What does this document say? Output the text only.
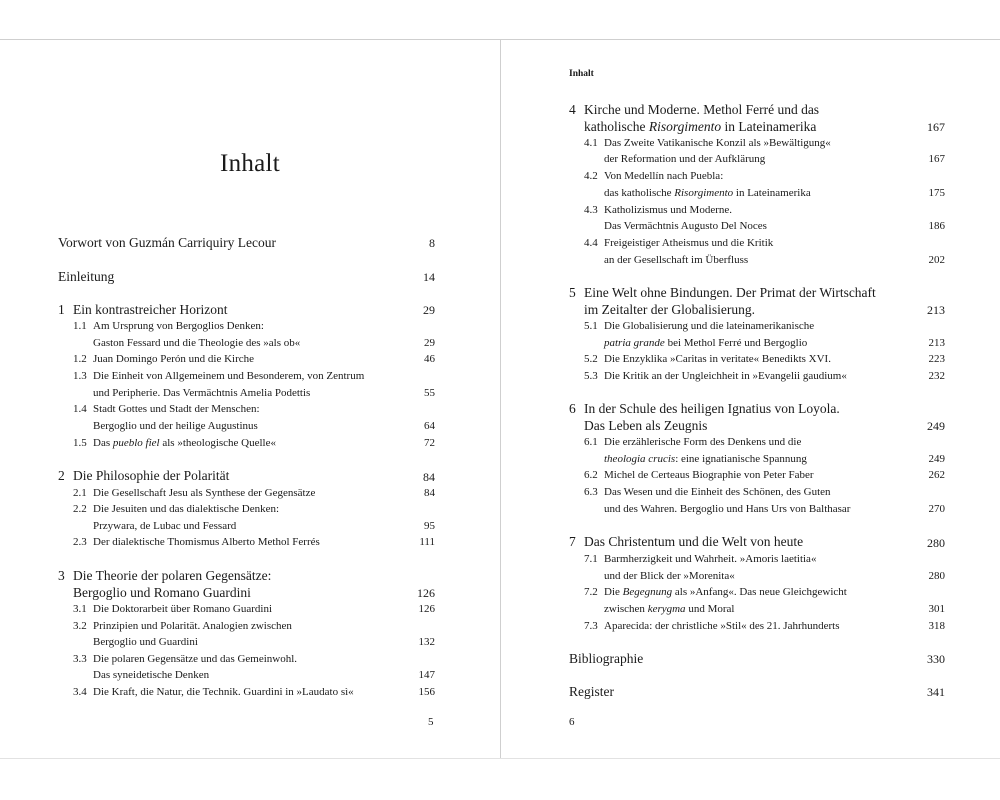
Inhalt
Vorwort von Guzmán Carriquiry Lecour	8
Einleitung	14
1 Ein kontrastreicher Horizont	29
1.1 Am Ursprung von Bergoglios Denken:
Gaston Fessard und die Theologie des »als ob«	29
1.2 Juan Domingo Perón und die Kirche	46
1.3 Die Einheit von Allgemeinem und Besonderem, von Zentrum
und Peripherie. Das Vermächtnis Amelia Podettis	55
1.4 Stadt Gottes und Stadt der Menschen:
Bergoglio und der heilige Augustinus	64
1.5 Das pueblo fiel als »theologische Quelle«	72
2 Die Philosophie der Polarität	84
2.1 Die Gesellschaft Jesu als Synthese der Gegensätze	84
2.2 Die Jesuiten und das dialektische Denken:
Przywara, de Lubac und Fessard	95
2.3 Der dialektische Thomismus Alberto Methol Ferrés	111
3 Die Theorie der polaren Gegensätze:
Bergoglio und Romano Guardini	126
3.1 Die Doktorarbeit über Romano Guardini	126
3.2 Prinzipien und Polarität. Analogien zwischen
Bergoglio und Guardini	132
3.3 Die polaren Gegensätze und das Gemeinwohl.
Das syneidetische Denken	147
3.4 Die Kraft, die Natur, die Technik. Guardini in »Laudato sì«	156
5
Inhalt
4 Kirche und Moderne. Methol Ferré und das
katholische Risorgimento in Lateinamerika	167
4.1 Das Zweite Vatikanische Konzil als »Bewältigung«
der Reformation und der Aufklärung	167
4.2 Von Medellín nach Puebla:
das katholische Risorgimento in Lateinamerika	175
4.3 Katholizismus und Moderne.
Das Vermächtnis Augusto Del Noces	186
4.4 Freigeistiger Atheismus und die Kritik
an der Gesellschaft im Überfluss	202
5 Eine Welt ohne Bindungen. Der Primat der Wirtschaft
im Zeitalter der Globalisierung.	213
5.1 Die Globalisierung und die lateinamerikanische
patria grande bei Methol Ferré und Bergoglio	213
5.2 Die Enzyklika »Caritas in veritate« Benedikts XVI.	223
5.3 Die Kritik an der Ungleichheit in »Evangelii gaudium«	232
6 In der Schule des heiligen Ignatius von Loyola.
Das Leben als Zeugnis	249
6.1 Die erzählerische Form des Denkens und die
theologia crucis: eine ignatianische Spannung	249
6.2 Michel de Certeaus Biographie von Peter Faber	262
6.3 Das Wesen und die Einheit des Schönen, des Guten
und des Wahren. Bergoglio und Hans Urs von Balthasar	270
7 Das Christentum und die Welt von heute	280
7.1 Barmherzigkeit und Wahrheit. »Amoris laetitia«
und der Blick der »Morenita«	280
7.2 Die Begegnung als »Anfang«. Das neue Gleichgewicht
zwischen kerygma und Moral	301
7.3 Aparecida: der christliche »Stil« des 21. Jahrhunderts	318
Bibliographie	330
Register	341
6
